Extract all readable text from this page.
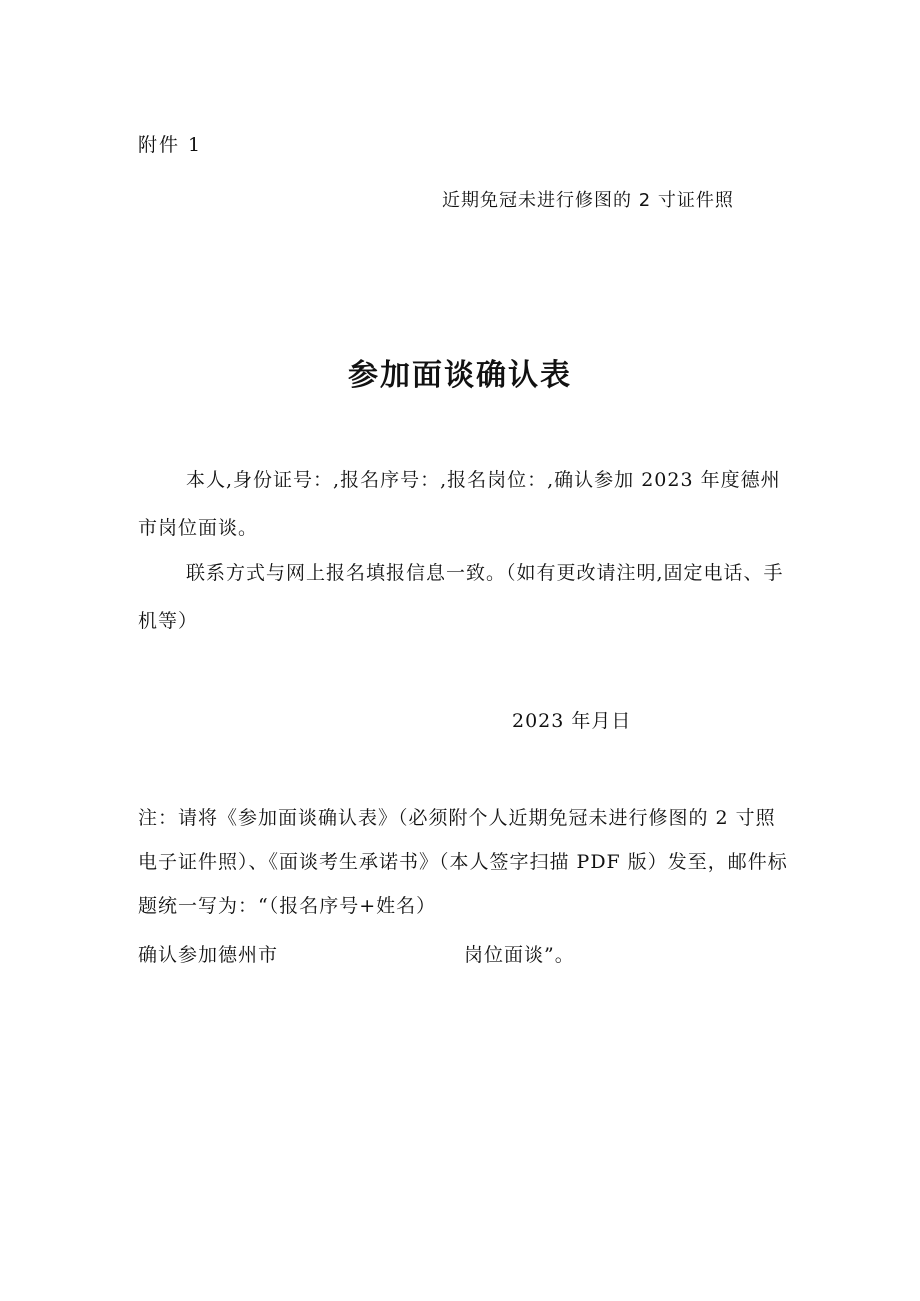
附件 1
近期免冠未进行修图的 2 寸证件照
参加面谈确认表
本人,身份证号：,报名序号：,报名岗位：,确认参加 2023 年度德州市岗位面谈。
联系方式与网上报名填报信息一致。（如有更改请注明,固定电话、手机等）
2023 年月日
注：请将《参加面谈确认表》（必须附个人近期免冠未进行修图的 2 寸照电子证件照）、《面谈考生承诺书》（本人签字扫描 PDF 版）发至，邮件标题统一写为：“（报名序号+姓名）
确认参加德州市	岗位面谈”。
